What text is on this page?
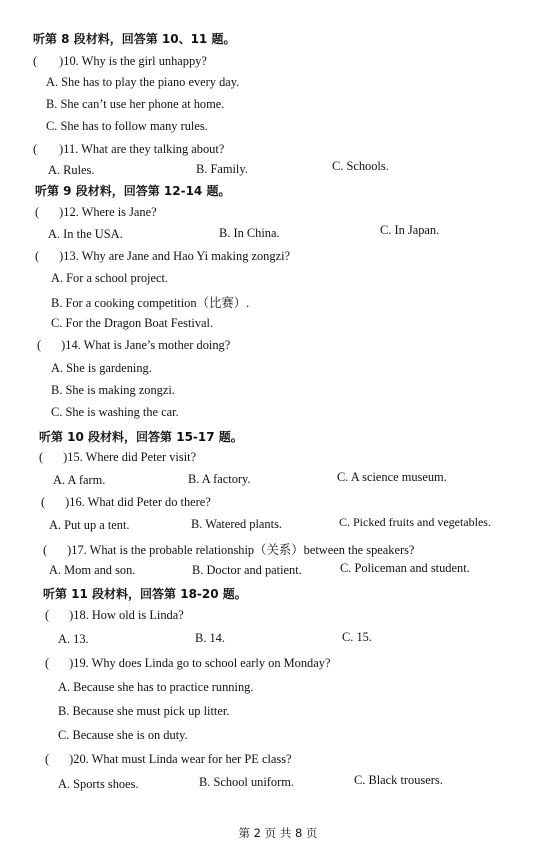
听第 8 段材料，回答第 10、11 题。
( )10. Why is the girl unhappy?
A. She has to play the piano every day.
B. She can’t use her phone at home.
C. She has to follow many rules.
( )11. What are they talking about?
A. Rules.	B. Family.	C. Schools.
听第 9 段材料，回答第 12-14 题。
( )12. Where is Jane?
A. In the USA.	B. In China.	C. In Japan.
( )13. Why are Jane and Hao Yi making zongzi?
A. For a school project.
B. For a cooking competition（比赛）.
C. For the Dragon Boat Festival.
( )14. What is Jane’s mother doing?
A. She is gardening.
B. She is making zongzi.
C. She is washing the car.
听第 10 段材料，回答第 15-17 题。
( )15. Where did Peter visit?
A. A farm.	B. A factory.	C. A science museum.
( )16. What did Peter do there?
A. Put up a tent.	B. Watered plants.	C. Picked fruits and vegetables.
( )17. What is the probable relationship（关系）between the speakers?
A. Mom and son.	B. Doctor and patient.	C. Policeman and student.
听第 11 段材料，回答第 18-20 题。
( )18. How old is Linda?
A. 13.	B. 14.	C. 15.
( )19. Why does Linda go to school early on Monday?
A. Because she has to practice running.
B. Because she must pick up litter.
C. Because she is on duty.
( )20. What must Linda wear for her PE class?
A. Sports shoes.	B. School uniform.	C. Black trousers.
第 2 页 共 8 页
